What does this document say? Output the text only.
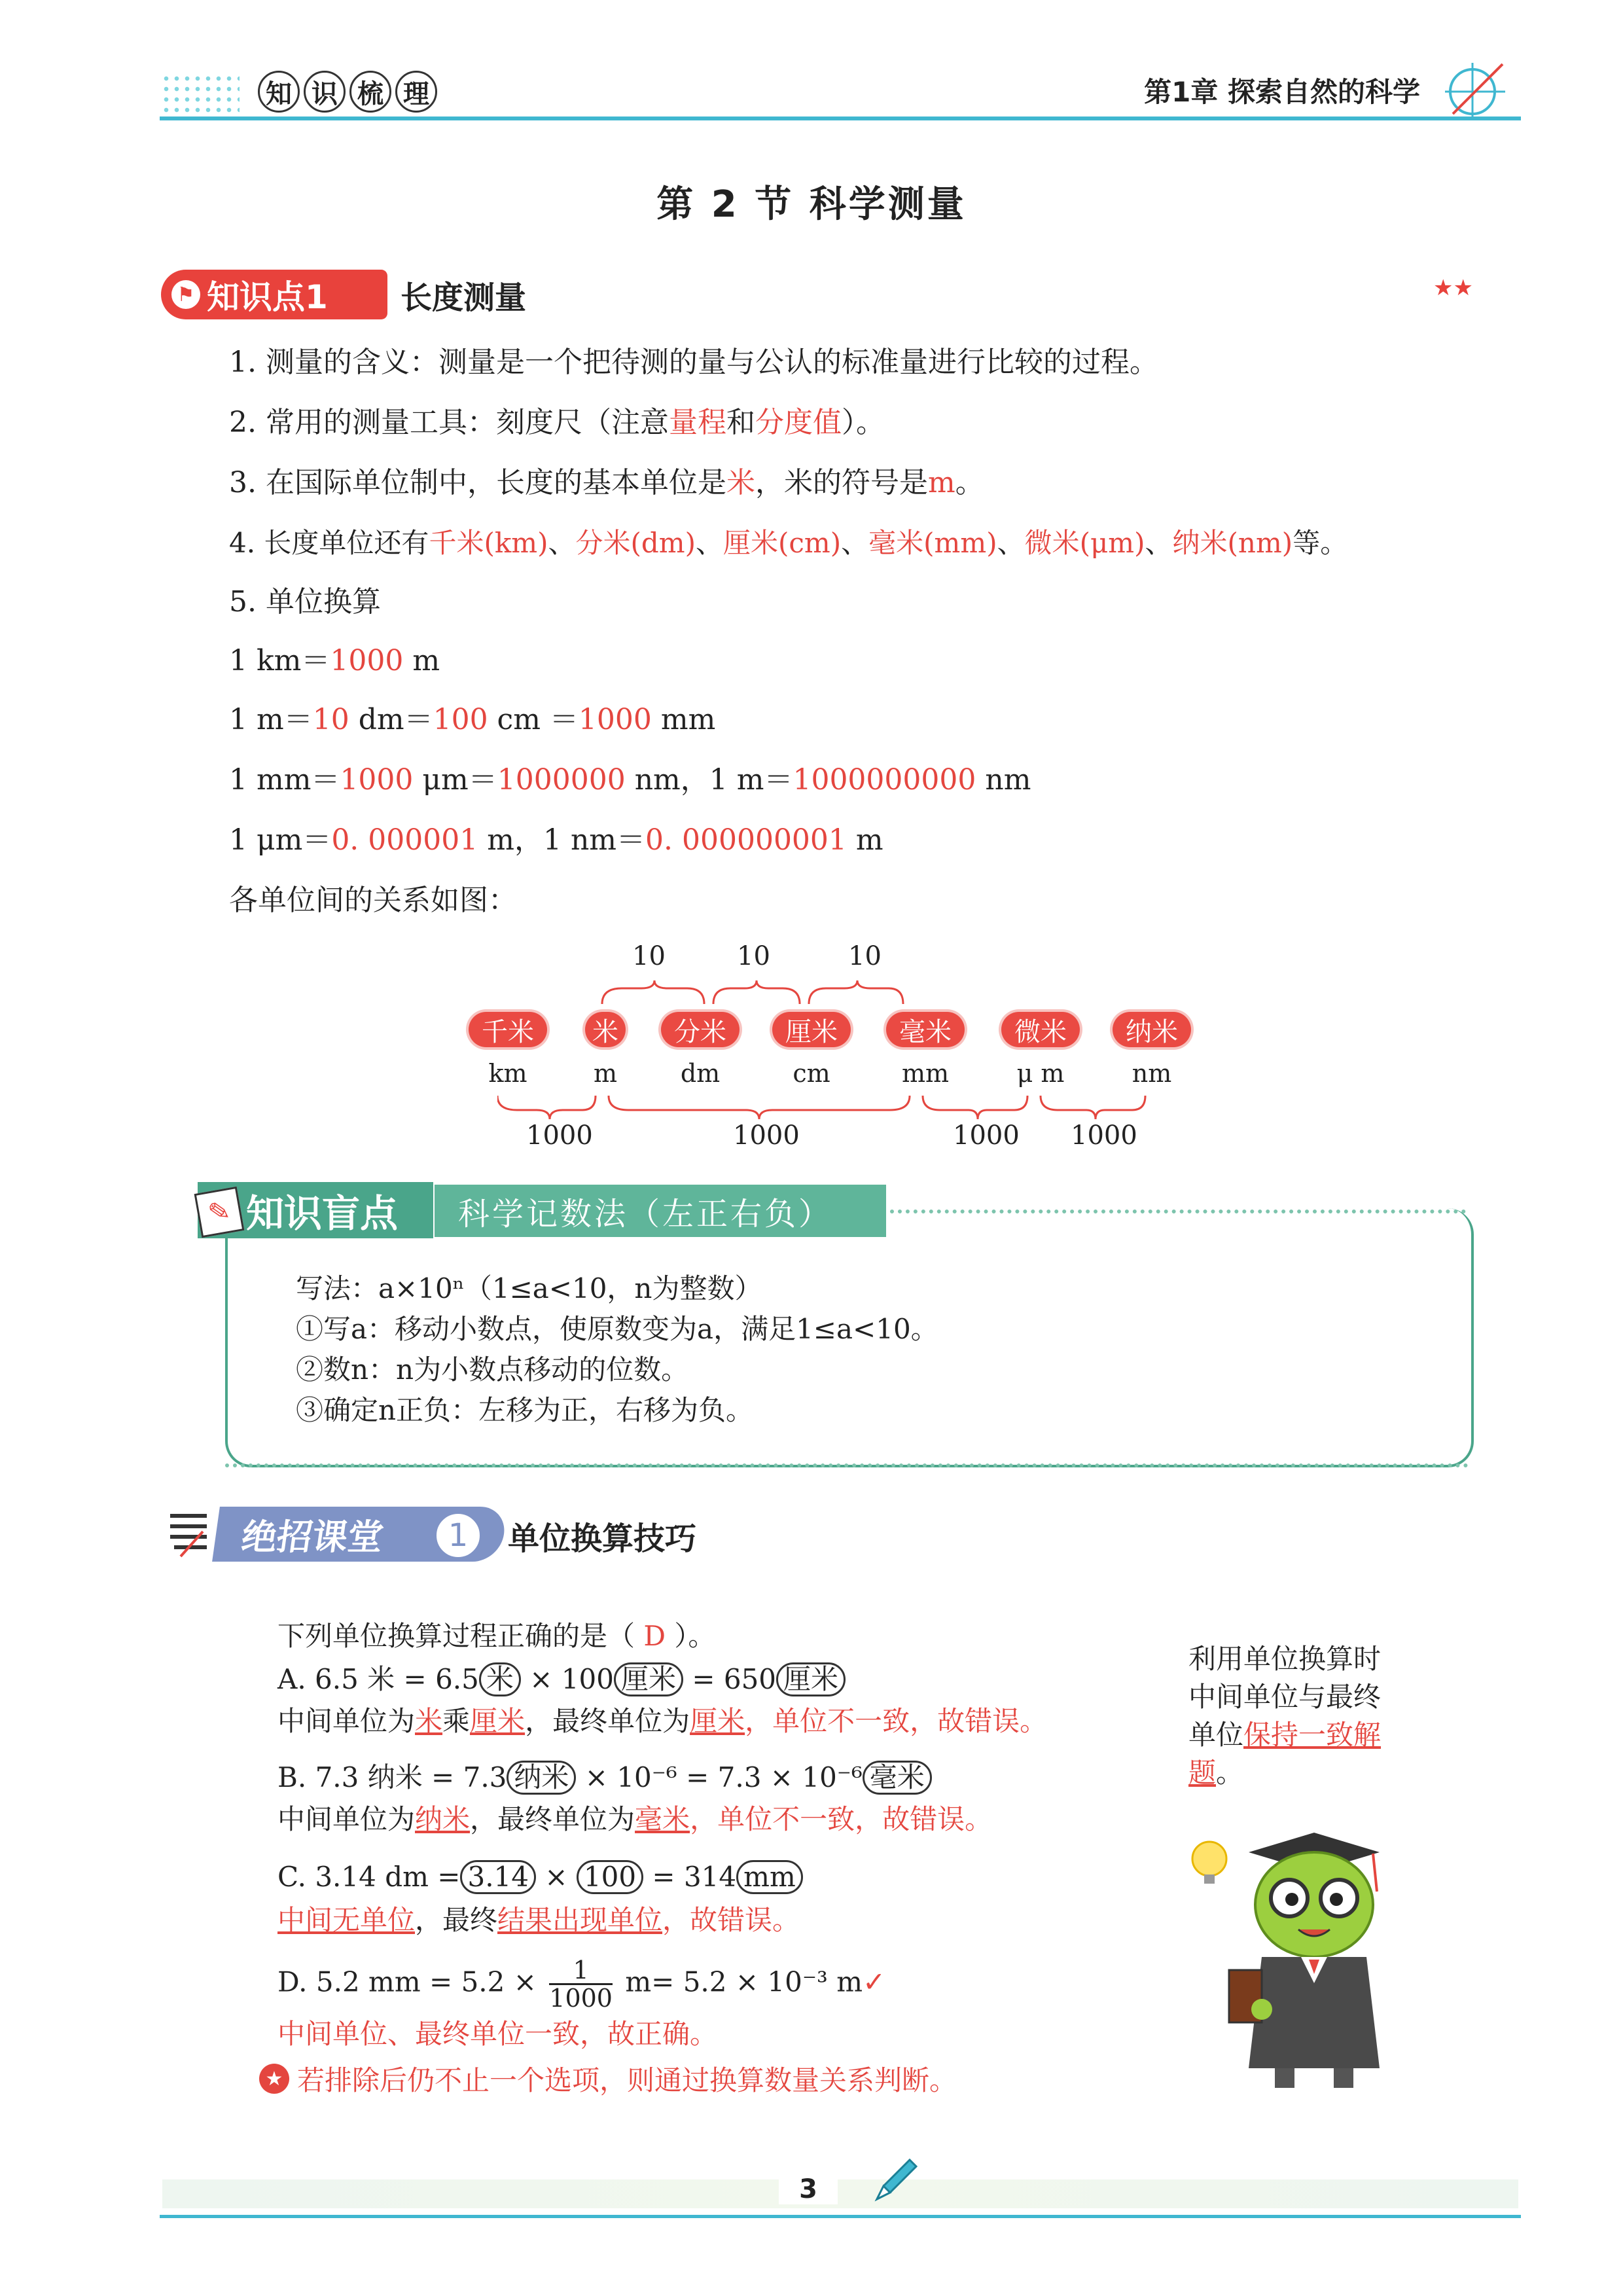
知 识 梳 理	第1章 探索自然的科学
第 2 节 科学测量
⚑ 知识点1 长度测量	★★
1. 测量的含义：测量是一个把待测的量与公认的标准量进行比较的过程。
2. 常用的测量工具：刻度尺（注意量程和分度值）。
3. 在国际单位制中，长度的基本单位是米，米的符号是m。
4. 长度单位还有千米(km)、分米(dm)、厘米(cm)、毫米(mm)、微米(μm)、纳米(nm)等。
5. 单位换算
1 km＝1000 m
1 m＝10 dm＝100 cm ＝1000 mm
1 mm＝1000 μm＝1000000 nm，1 m＝1000000000 nm
1 μm＝0. 000001 m，1 nm＝0. 000000001 m
各单位间的关系如图：
10	10	10
千米	米	分米	厘米	毫米	微米	纳米
km	m	dm	cm	mm	μ m	nm
1000	1000	1000 1000
知识盲点
✎	科学记数法（左正右负）
写法：a×10ⁿ（1≤a<10，n为整数）
①写a：移动小数点，使原数变为a，满足1≤a<10。
②数n：n为小数点移动的位数。
③确定n正负：左移为正，右移为负。
绝招课堂	1	单位换算技巧
下列单位换算过程正确的是（ D ）。
A. 6.5 米 = 6.5 米 × 100 厘米 = 650 厘米
中间单位为米乘厘米，最终单位为厘米，单位不一致，故错误。
B. 7.3 纳米 = 7.3 纳米 × 10⁻⁶ = 7.3 × 10⁻⁶ 毫米
中间单位为纳米，最终单位为毫米，单位不一致，故错误。
C. 3.14 dm = 3.14 × 100 = 314 mm
中间无单位，最终结果出现单位，故错误。
D. 5.2 mm = $5.2 \times \frac{1}{1000} m= 5.2 \times 10^{-3}$ m✓
中间单位、最终单位一致，故正确。
★ 若排除后仍不止一个选项，则通过换算数量关系判断。
利用单位换算时中间单位与最终单位保持一致解题。
3
